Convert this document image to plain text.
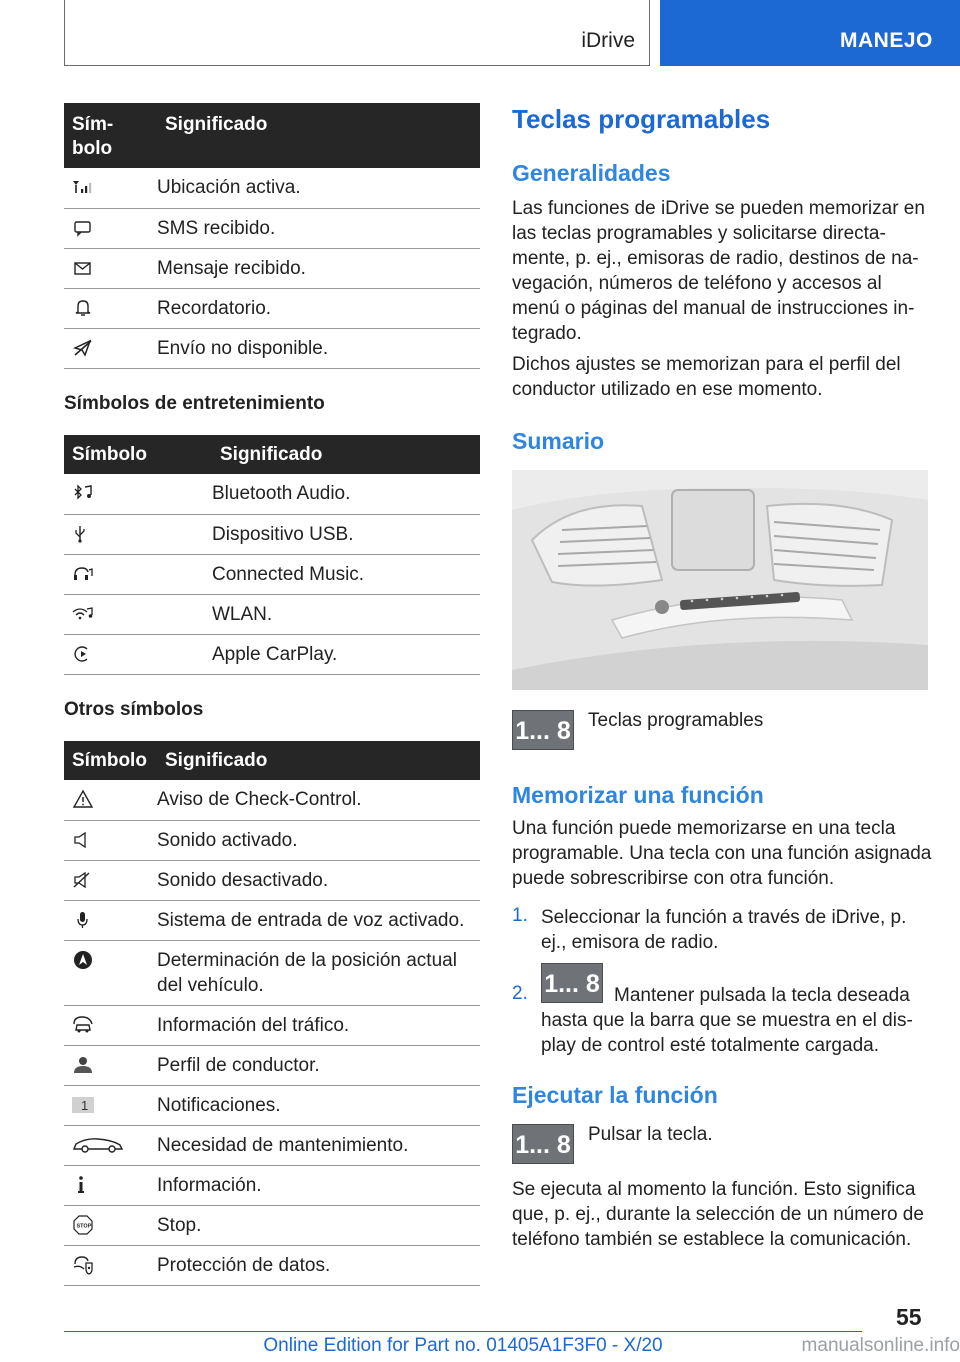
iDrive	MANEJO
Sím-
bolo	Significado

	Ubicación activa.

	SMS recibido.

	Mensaje recibido.

	Recordatorio.

	Envío no disponible.
Símbolos de entretenimiento
Símbolo	Significado

	Bluetooth Audio.

	Dispositivo USB.

	Connected Music.

	WLAN.

	Apple CarPlay.
Otros símbolos
Símbolo	Significado

	Aviso de Check-Control.

	Sonido activado.

	Sonido desactivado.

	Sistema de entrada de voz activado.

	Determinación de la posición actual del vehículo.

	Información del tráfico.

	Perfil de conductor.

1	Notificaciones.

	Necesidad de mantenimiento.

	Información.

STOP	Stop.

	Protección de datos.
Teclas programables
Generalidades

Las funciones de iDrive se pueden memorizar en las teclas programables y solicitarse directamente, p. ej., emisoras de radio, destinos de navegación, números de teléfono y accesos al menú o páginas del manual de instrucciones integrado.

Dichos ajustes se memorizan para el perfil del conductor utilizado en ese momento.

Sumario
1... 8 Teclas programables

Memorizar una función

Una función puede memorizarse en una tecla programable. Una tecla con una función asignada puede sobrescribirse con otra función.

1. Seleccionar la función a través de iDrive, p. ej., emisora de radio.

2. 1... 8 Mantener pulsada la tecla deseada

hasta que la barra que se muestra en el display de control esté totalmente cargada.

Ejecutar la función
1... 8 Pulsar la tecla.

Se ejecuta al momento la función. Esto significa que, p. ej., durante la selección de un número de teléfono también se establece la comunicación.

55
Online Edition for Part no. 01405A1F3F0 - X/20	manualsonline.info
